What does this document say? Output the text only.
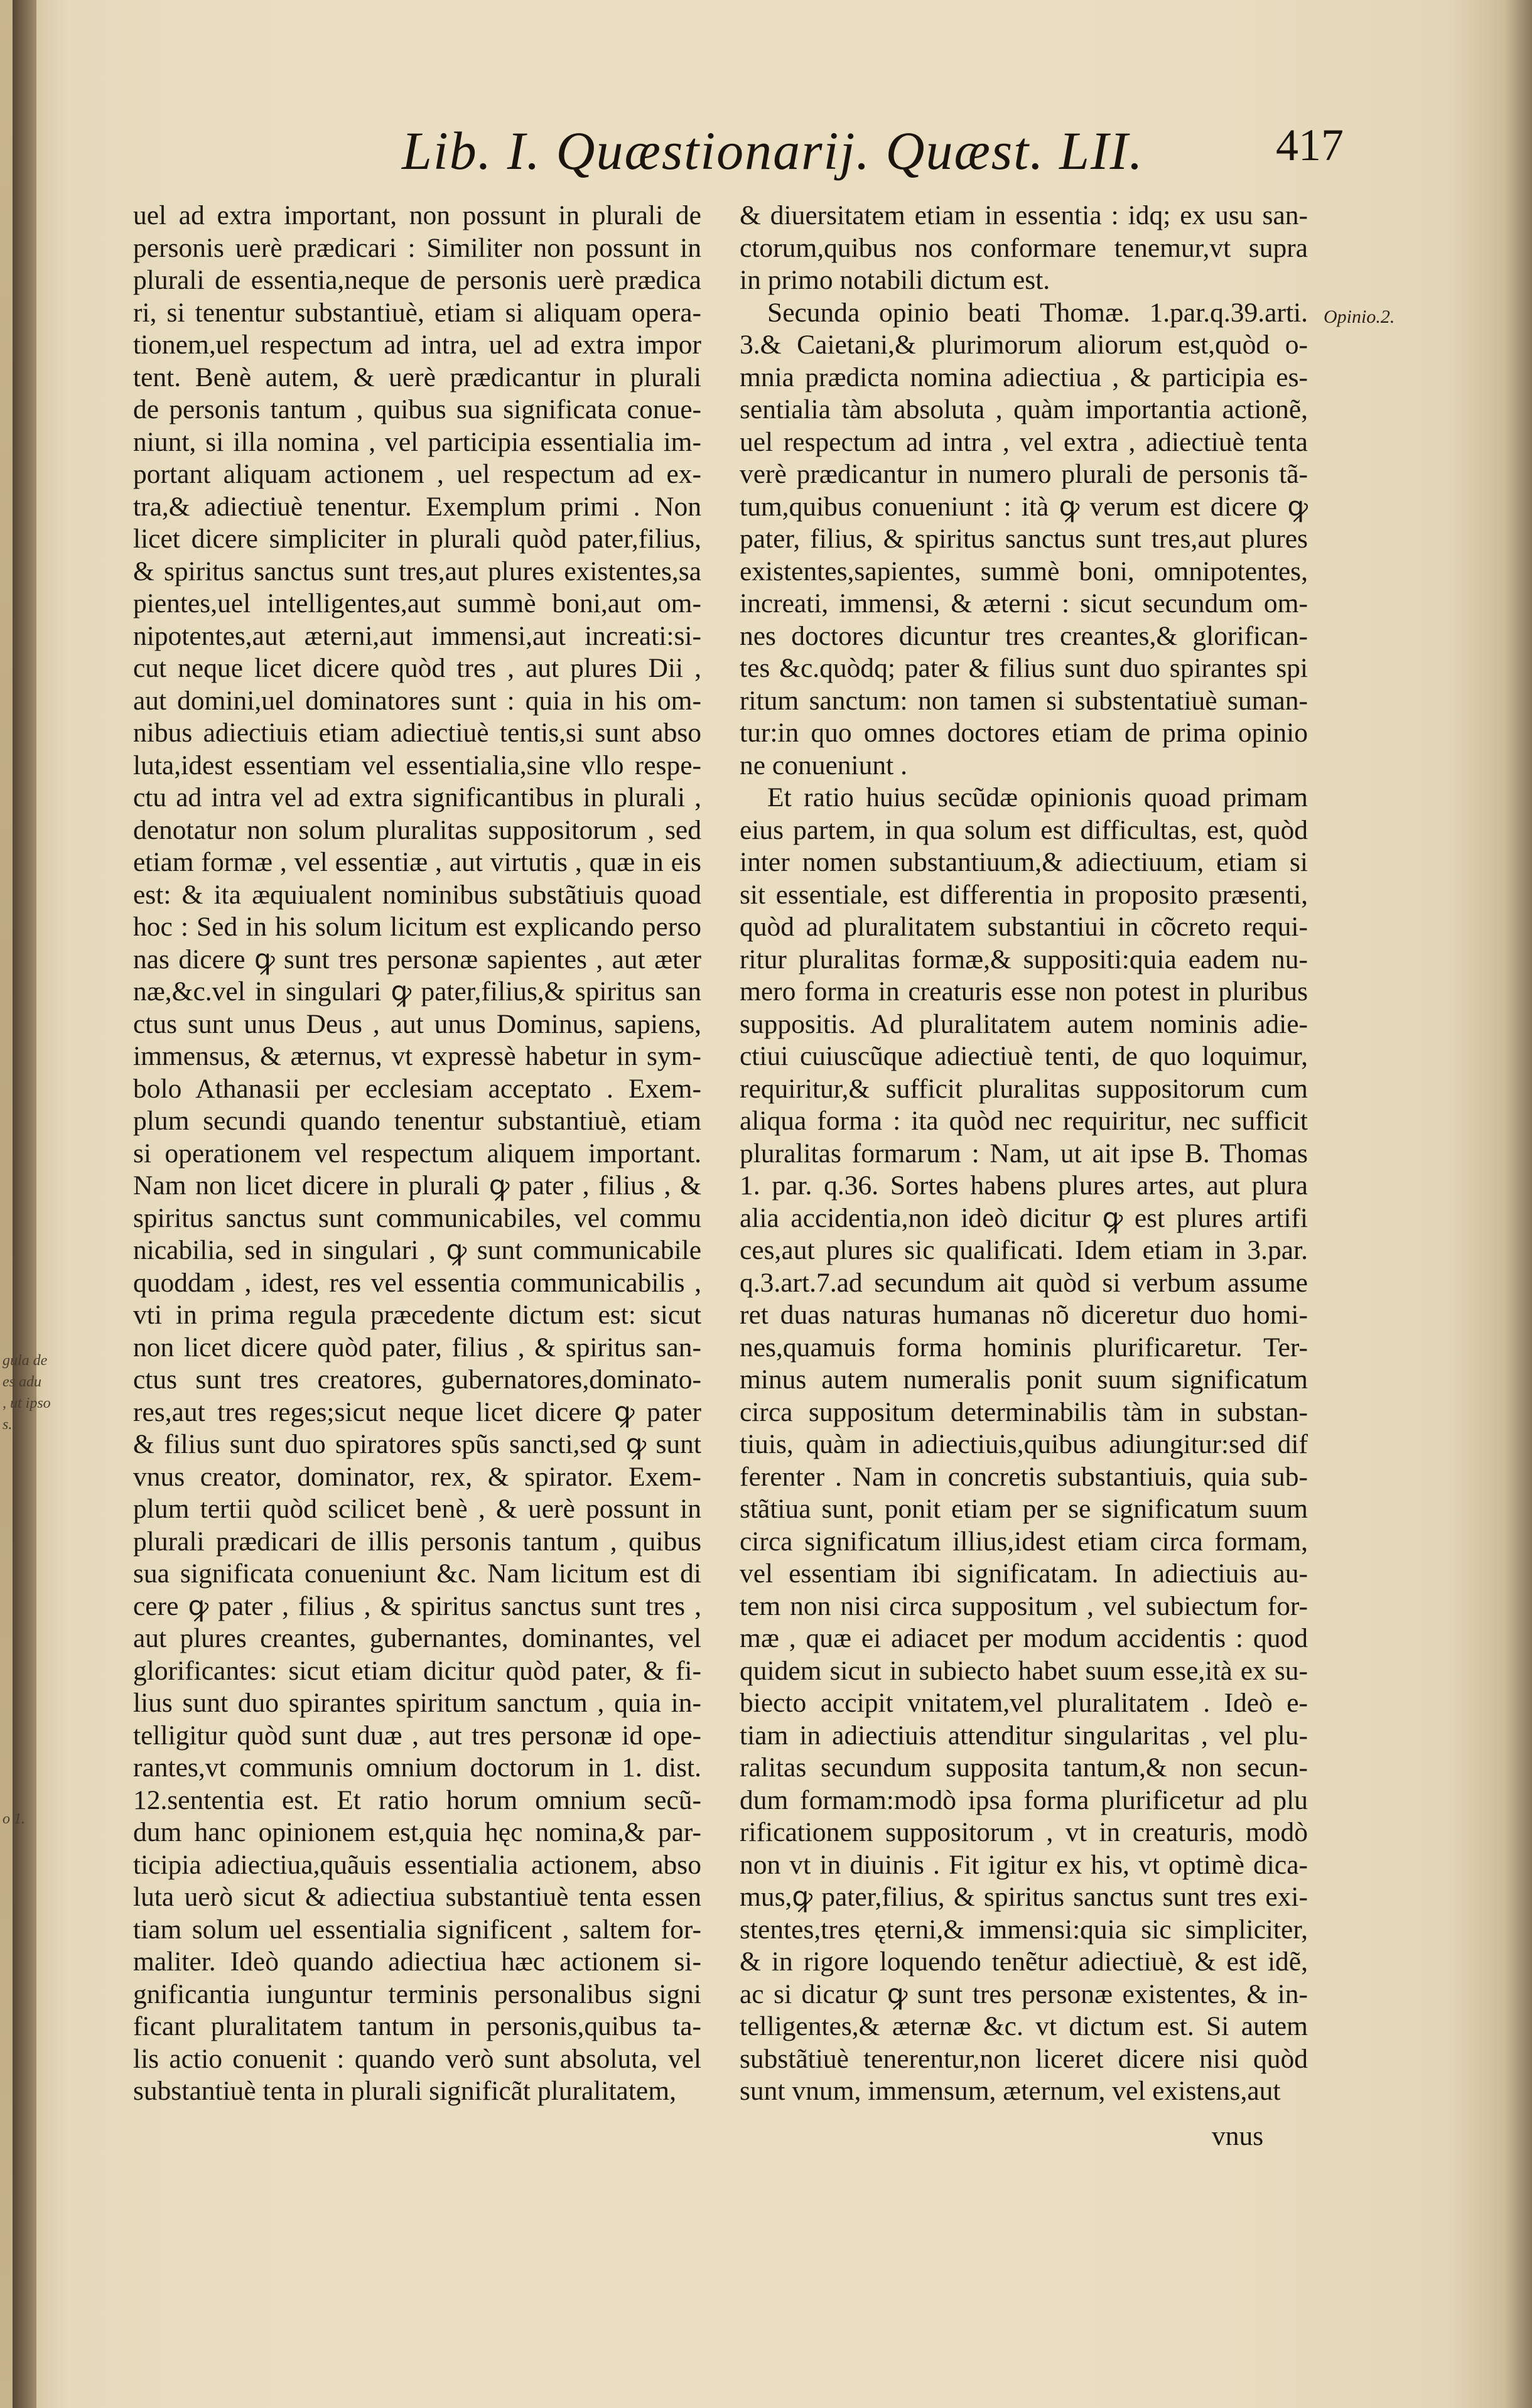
gula de
es adu
, ut ipso
s.
o 1.
Lib. I. Quæstionarij. Quæst. LII.	417

uel ad extra important, non possunt in plurali de

personis uerè prædicari : Similiter non possunt in

plurali de essentia,neque de personis uerè prædica

ri, si tenentur substantiuè, etiam si aliquam opera-

tionem,uel respectum ad intra, uel ad extra impor

tent. Benè autem, & uerè prædicantur in plurali

de personis tantum , quibus sua significata conue-

niunt, si illa nomina , vel participia essentialia im-

portant aliquam actionem , uel respectum ad ex-

tra,& adiectiuè tenentur. Exemplum primi . Non

licet dicere simpliciter in plurali quòd pater,filius,

& spiritus sanctus sunt tres,aut plures existentes,sa

pientes,uel intelligentes,aut summè boni,aut om-

nipotentes,aut æterni,aut immensi,aut increati:si-

cut neque licet dicere quòd tres , aut plures Dii ,

aut domini,uel dominatores sunt : quia in his om-

nibus adiectiuis etiam adiectiuè tentis,si sunt abso

luta,idest essentiam vel essentialia,sine vllo respe-

ctu ad intra vel ad extra significantibus in plurali ,

denotatur non solum pluralitas suppositorum , sed

etiam formæ , vel essentiæ , aut virtutis , quæ in eis

est: & ita æquiualent nominibus substãtiuis quoad

hoc : Sed in his solum licitum est explicando perso

nas dicere ꝙ sunt tres personæ sapientes , aut æter

næ,&c.vel in singulari ꝙ pater,filius,& spiritus san

ctus sunt unus Deus , aut unus Dominus, sapiens,

immensus, & æternus, vt expressè habetur in sym-

bolo Athanasii per ecclesiam acceptato . Exem-

plum secundi quando tenentur substantiuè, etiam

si operationem vel respectum aliquem important.

Nam non licet dicere in plurali ꝙ pater , filius , &

spiritus sanctus sunt communicabiles, vel commu

nicabilia, sed in singulari , ꝙ sunt communicabile

quoddam , idest, res vel essentia communicabilis ,

vti in prima regula præcedente dictum est: sicut

non licet dicere quòd pater, filius , & spiritus san-

ctus sunt tres creatores, gubernatores,dominato-

res,aut tres reges;sicut neque licet dicere ꝙ pater

& filius sunt duo spiratores spũs sancti,sed ꝙ sunt

vnus creator, dominator, rex, & spirator. Exem-

plum tertii quòd scilicet benè , & uerè possunt in

plurali prædicari de illis personis tantum , quibus

sua significata conueniunt &c. Nam licitum est di

cere ꝙ pater , filius , & spiritus sanctus sunt tres ,

aut plures creantes, gubernantes, dominantes, vel

glorificantes: sicut etiam dicitur quòd pater, & fi-

lius sunt duo spirantes spiritum sanctum , quia in-

telligitur quòd sunt duæ , aut tres personæ id ope-

rantes,vt communis omnium doctorum in 1. dist.

12.sententia est. Et ratio horum omnium secũ-

dum hanc opinionem est,quia hęc nomina,& par-

ticipia adiectiua,quãuis essentialia actionem, abso

luta uerò sicut & adiectiua substantiuè tenta essen

tiam solum uel essentialia significent , saltem for-

maliter. Ideò quando adiectiua hæc actionem si-

gnificantia iunguntur terminis personalibus signi

ficant pluralitatem tantum in personis,quibus ta-

lis actio conuenit : quando verò sunt absoluta, vel

substantiuè tenta in plurali significãt pluralitatem,

& diuersitatem etiam in essentia : idq; ex usu san-

ctorum,quibus nos conformare tenemur,vt supra

in primo notabili dictum est.

Secunda opinio beati Thomæ. 1.par.q.39.arti.

3.& Caietani,& plurimorum aliorum est,quòd o-

mnia prædicta nomina adiectiua , & participia es-

sentialia tàm absoluta , quàm importantia actionẽ,

uel respectum ad intra , vel extra , adiectiuè tenta

verè prædicantur in numero plurali de personis tã-

tum,quibus conueniunt : ità ꝙ verum est dicere ꝙ

pater, filius, & spiritus sanctus sunt tres,aut plures

existentes,sapientes, summè boni, omnipotentes,

increati, immensi, & æterni : sicut secundum om-

nes doctores dicuntur tres creantes,& glorifican-

tes &c.quòdq; pater & filius sunt duo spirantes spi

ritum sanctum: non tamen si substentatiuè suman-

tur:in quo omnes doctores etiam de prima opinio

ne conueniunt .

Et ratio huius secũdæ opinionis quoad primam

eius partem, in qua solum est difficultas, est, quòd

inter nomen substantiuum,& adiectiuum, etiam si

sit essentiale, est differentia in proposito præsenti,

quòd ad pluralitatem substantiui in cõcreto requi-

ritur pluralitas formæ,& suppositi:quia eadem nu-

mero forma in creaturis esse non potest in pluribus

suppositis. Ad pluralitatem autem nominis adie-

ctiui cuiuscũque adiectiuè tenti, de quo loquimur,

requiritur,& sufficit pluralitas suppositorum cum

aliqua forma : ita quòd nec requiritur, nec sufficit

pluralitas formarum : Nam, ut ait ipse B. Thomas

1. par. q.36. Sortes habens plures artes, aut plura

alia accidentia,non ideò dicitur ꝙ est plures artifi

ces,aut plures sic qualificati. Idem etiam in 3.par.

q.3.art.7.ad secundum ait quòd si verbum assume

ret duas naturas humanas nõ diceretur duo homi-

nes,quamuis forma hominis plurificaretur. Ter-

minus autem numeralis ponit suum significatum

circa suppositum determinabilis tàm in substan-

tiuis, quàm in adiectiuis,quibus adiungitur:sed dif

ferenter . Nam in concretis substantiuis, quia sub-

stãtiua sunt, ponit etiam per se significatum suum

circa significatum illius,idest etiam circa formam,

vel essentiam ibi significatam. In adiectiuis au-

tem non nisi circa suppositum , vel subiectum for-

mæ , quæ ei adiacet per modum accidentis : quod

quidem sicut in subiecto habet suum esse,ità ex su-

biecto accipit vnitatem,vel pluralitatem . Ideò e-

tiam in adiectiuis attenditur singularitas , vel plu-

ralitas secundum supposita tantum,& non secun-

dum formam:modò ipsa forma plurificetur ad plu

rificationem suppositorum , vt in creaturis, modò

non vt in diuinis . Fit igitur ex his, vt optimè dica-

mus,ꝙ pater,filius, & spiritus sanctus sunt tres exi-

stentes,tres ęterni,& immensi:quia sic simpliciter,

& in rigore loquendo tenẽtur adiectiuè, & est idẽ,

ac si dicatur ꝙ sunt tres personæ existentes, & in-

telligentes,& æternæ &c. vt dictum est. Si autem

substãtiuè tenerentur,non liceret dicere nisi quòd

sunt vnum, immensum, æternum, vel existens,aut

Opinio.2.
vnus
